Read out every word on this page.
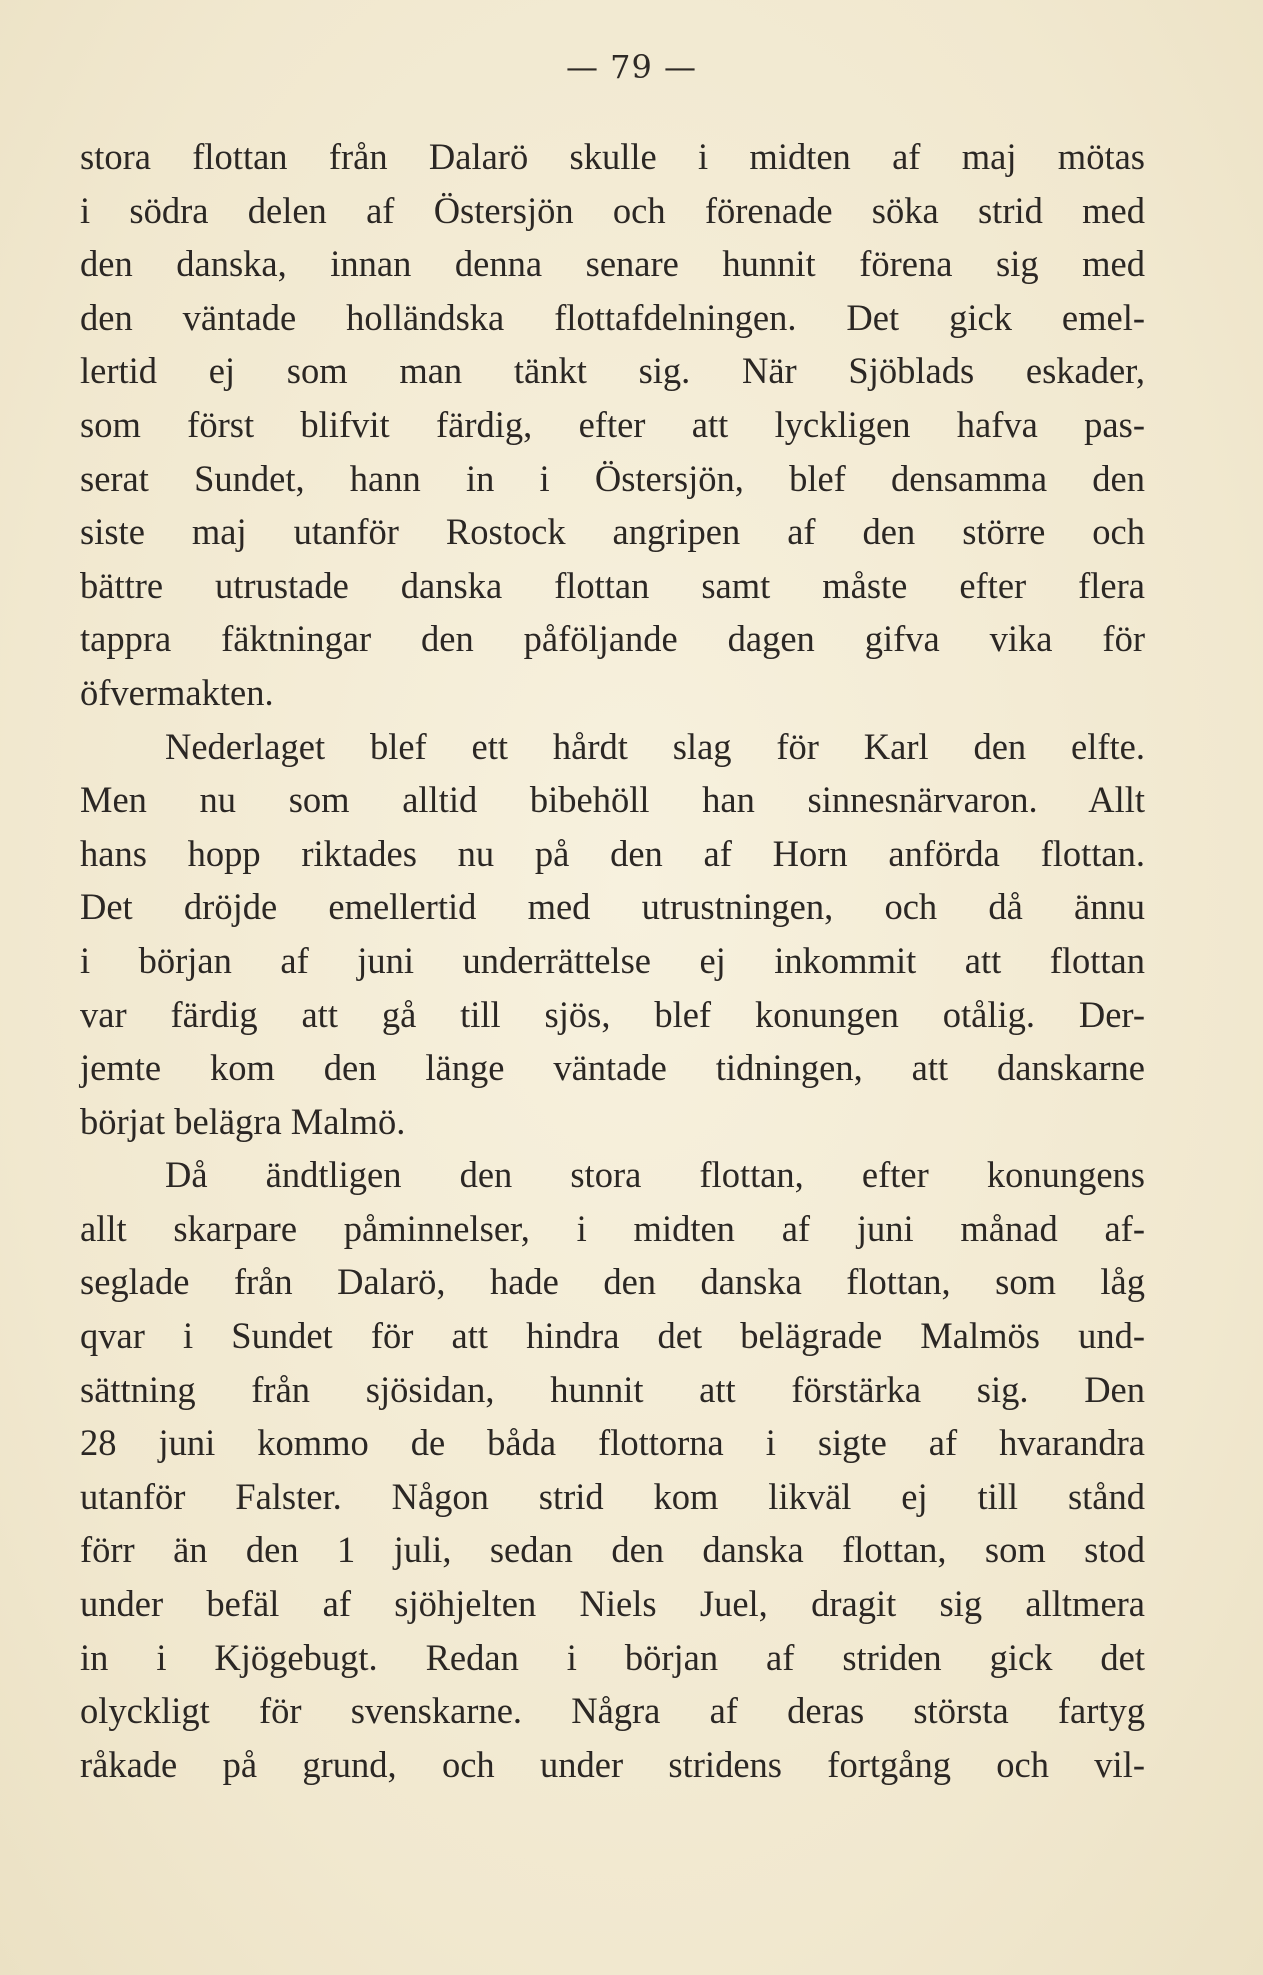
— 79 —
stora flottan från Dalarö skulle i midten af maj mötas
i södra delen af Östersjön och förenade söka strid med
den danska, innan denna senare hunnit förena sig med
den väntade holländska flottafdelningen. Det gick emel-
lertid ej som man tänkt sig. När Sjöblads eskader,
som först blifvit färdig, efter att lyckligen hafva pas-
serat Sundet, hann in i Östersjön, blef densamma den
siste maj utanför Rostock angripen af den större och
bättre utrustade danska flottan samt måste efter flera
tappra fäktningar den påföljande dagen gifva vika för
öfvermakten.
Nederlaget blef ett hårdt slag för Karl den elfte.
Men nu som alltid bibehöll han sinnesnärvaron. Allt
hans hopp riktades nu på den af Horn anförda flottan.
Det dröjde emellertid med utrustningen, och då ännu
i början af juni underrättelse ej inkommit att flottan
var färdig att gå till sjös, blef konungen otålig. Der-
jemte kom den länge väntade tidningen, att danskarne
börjat belägra Malmö.
Då ändtligen den stora flottan, efter konungens
allt skarpare påminnelser, i midten af juni månad af-
seglade från Dalarö, hade den danska flottan, som låg
qvar i Sundet för att hindra det belägrade Malmös und-
sättning från sjösidan, hunnit att förstärka sig. Den
28 juni kommo de båda flottorna i sigte af hvarandra
utanför Falster. Någon strid kom likväl ej till stånd
förr än den 1 juli, sedan den danska flottan, som stod
under befäl af sjöhjelten Niels Juel, dragit sig alltmera
in i Kjögebugt. Redan i början af striden gick det
olyckligt för svenskarne. Några af deras största fartyg
råkade på grund, och under stridens fortgång och vil-
